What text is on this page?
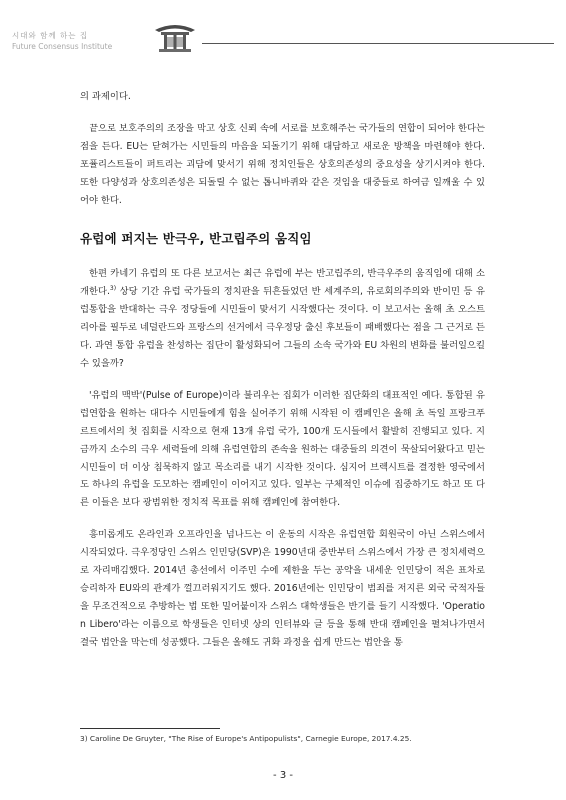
시대와 함께 하는 집
Future Consensus Institute

의 과제이다.

끝으로 보호주의의 조장을 막고 상호 신뢰 속에 서로를 보호해주는 국가들의 연합이 되어야 한다는 점을 든다. EU는 닫혀가는 시민들의 마음을 되돌기기 위해 대담하고 새로운 방책을 마련해야 한다. 포퓰리스트들이 퍼트리는 괴담에 맞서기 위해 정치인들은 상호의존성의 중요성을 상기시켜야 한다. 또한 다양성과 상호의존성은 되돌릴 수 없는 톱니바퀴와 같은 것임을 대중들로 하여금 일깨울 수 있어야 한다.

유럽에 퍼지는 반극우, 반고립주의 움직임

한편 카네기 유럽의 또 다른 보고서는 최근 유럽에 부는 반고립주의, 반극우주의 움직임에 대해 소개한다.$^{3)}$ 상당 기간 유럽 국가들의 정치판을 뒤흔들었던 반 세계주의, 유로회의주의와 반이민 등 유럽통합을 반대하는 극우 정당들에 시민들이 맞서기 시작했다는 것이다. 이 보고서는 올해 초 오스트리아를 필두로 네덜란드와 프랑스의 선거에서 극우정당 출신 후보들이 패배했다는 점을 그 근거로 든다. 과연 통합 유럽을 찬성하는 집단이 활성화되어 그들의 소속 국가와 EU 차원의 변화를 불러일으킬 수 있을까?

'유럽의 맥박'(Pulse of Europe)이라 불리우는 집회가 이러한 집단화의 대표적인 예다. 통합된 유럽연합을 원하는 대다수 시민들에게 힘을 실어주기 위해 시작된 이 캠페인은 올해 초 독일 프랑크푸르트에서의 첫 집회를 시작으로 현재 13개 유럽 국가, 100개 도시들에서 활발히 진행되고 있다. 지금까지 소수의 극우 세력들에 의해 유럽연합의 존속을 원하는 대중들의 의견이 묵살되어왔다고 믿는 시민들이 더 이상 침묵하지 않고 목소리를 내기 시작한 것이다. 심지어 브렉시트를 결정한 영국에서도 하나의 유럽을 도모하는 캠페인이 이어지고 있다. 일부는 구체적인 이슈에 집중하기도 하고 또 다른 이들은 보다 광범위한 정치적 목표를 위해 캠페인에 참여한다.

흥미롭게도 온라인과 오프라인을 넘나드는 이 운동의 시작은 유럽연합 회원국이 아닌 스위스에서 시작되었다. 극우정당인 스위스 인민당(SVP)은 1990년대 중반부터 스위스에서 가장 큰 정치세력으로 자리매김했다. 2014년 총선에서 이주민 수에 제한을 두는 공약을 내세운 인민당이 적은 표차로 승리하자 EU와의 관계가 껄끄러워지기도 했다. 2016년에는 인민당이 범죄를 저지른 외국 국적자들을 무조건적으로 추방하는 법 또한 밀어붙이자 스위스 대학생들은 반기를 들기 시작했다. 'Operation Libero'라는 이름으로 학생들은 인터넷 상의 인터뷰와 글 등을 통해 반대 캠페인을 펼쳐나가면서 결국 법안을 막는데 성공했다. 그들은 올해도 귀화 과정을 쉽게 만드는 법안을 통

3) Caroline De Gruyter, "The Rise of Europe's Antipopulists", Carnegie Europe, 2017.4.25.
- 3 -
